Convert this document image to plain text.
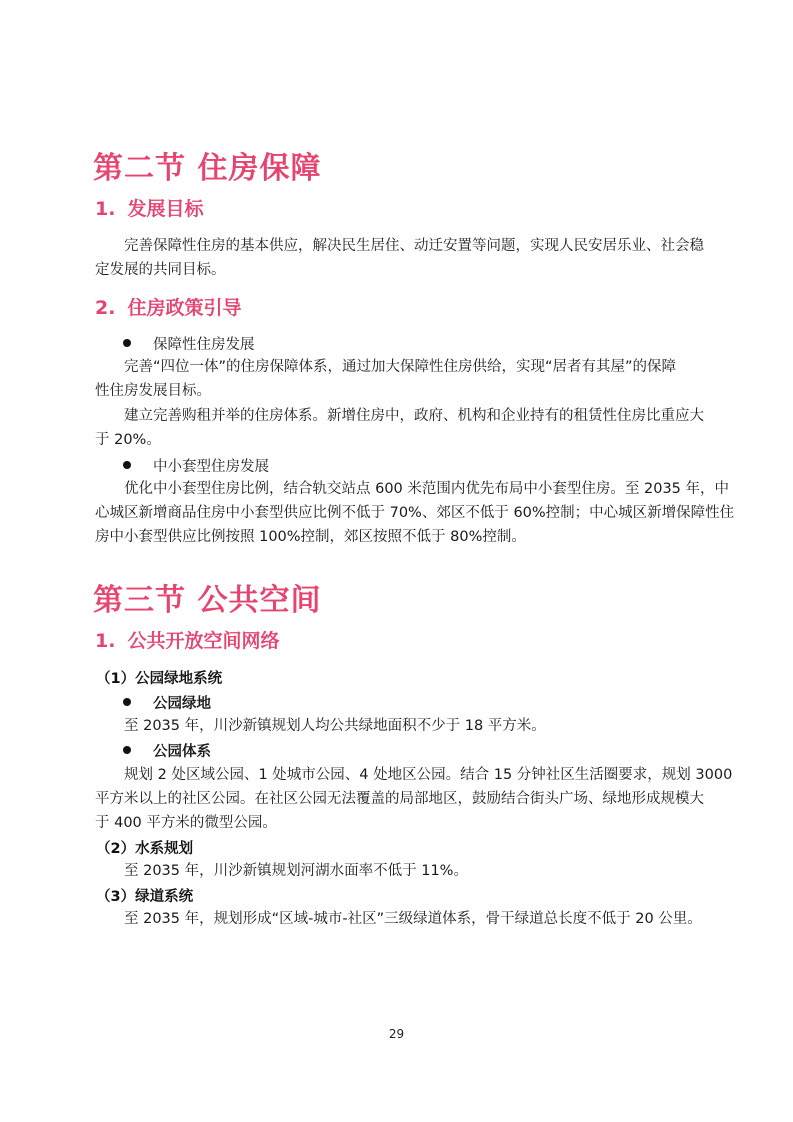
第二节 住房保障
1. 发展目标
完善保障性住房的基本供应，解决民生居住、动迁安置等问题，实现人民安居乐业、社会稳
定发展的共同目标。
2. 住房政策引导
保障性住房发展
完善“四位一体”的住房保障体系，通过加大保障性住房供给，实现“居者有其屋”的保障
性住房发展目标。
建立完善购租并举的住房体系。新增住房中，政府、机构和企业持有的租赁性住房比重应大
于 20%。
中小套型住房发展
优化中小套型住房比例，结合轨交站点 600 米范围内优先布局中小套型住房。至 2035 年，中
心城区新增商品住房中小套型供应比例不低于 70%、郊区不低于 60%控制；中心城区新增保障性住
房中小套型供应比例按照 100%控制，郊区按照不低于 80%控制。
第三节 公共空间
1. 公共开放空间网络
（1）公园绿地系统
公园绿地
至 2035 年，川沙新镇规划人均公共绿地面积不少于 18 平方米。
公园体系
规划 2 处区域公园、1 处城市公园、4 处地区公园。结合 15 分钟社区生活圈要求，规划 3000
平方米以上的社区公园。在社区公园无法覆盖的局部地区，鼓励结合街头广场、绿地形成规模大
于 400 平方米的微型公园。
（2）水系规划
至 2035 年，川沙新镇规划河湖水面率不低于 11%。
（3）绿道系统
至 2035 年，规划形成“区域-城市-社区”三级绿道体系，骨干绿道总长度不低于 20 公里。
29
